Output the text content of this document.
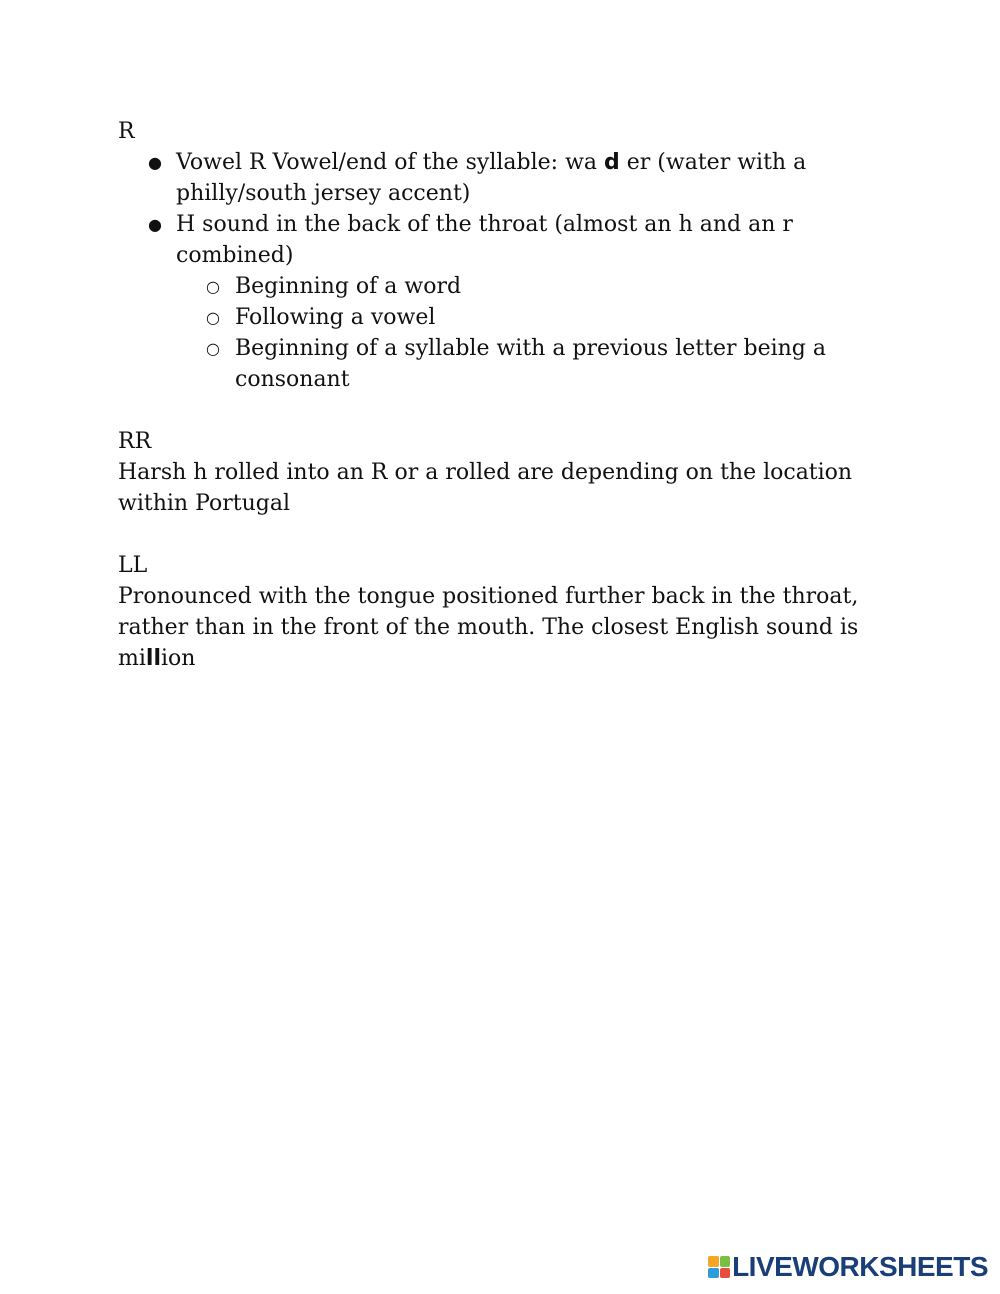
R

● Vowel R Vowel/end of the syllable: wa d er (water with a philly/south jersey accent)
● H sound in the back of the throat (almost an h and an r combined)
○ Beginning of a word
○ Following a vowel
○ Beginning of a syllable with a previous letter being a consonant

RR

Harsh h rolled into an R or a rolled are depending on the location within Portugal

LL

Pronounced with the tongue positioned further back in the throat, rather than in the front of the mouth. The closest English sound is million

LIVEWORKSHEETS
